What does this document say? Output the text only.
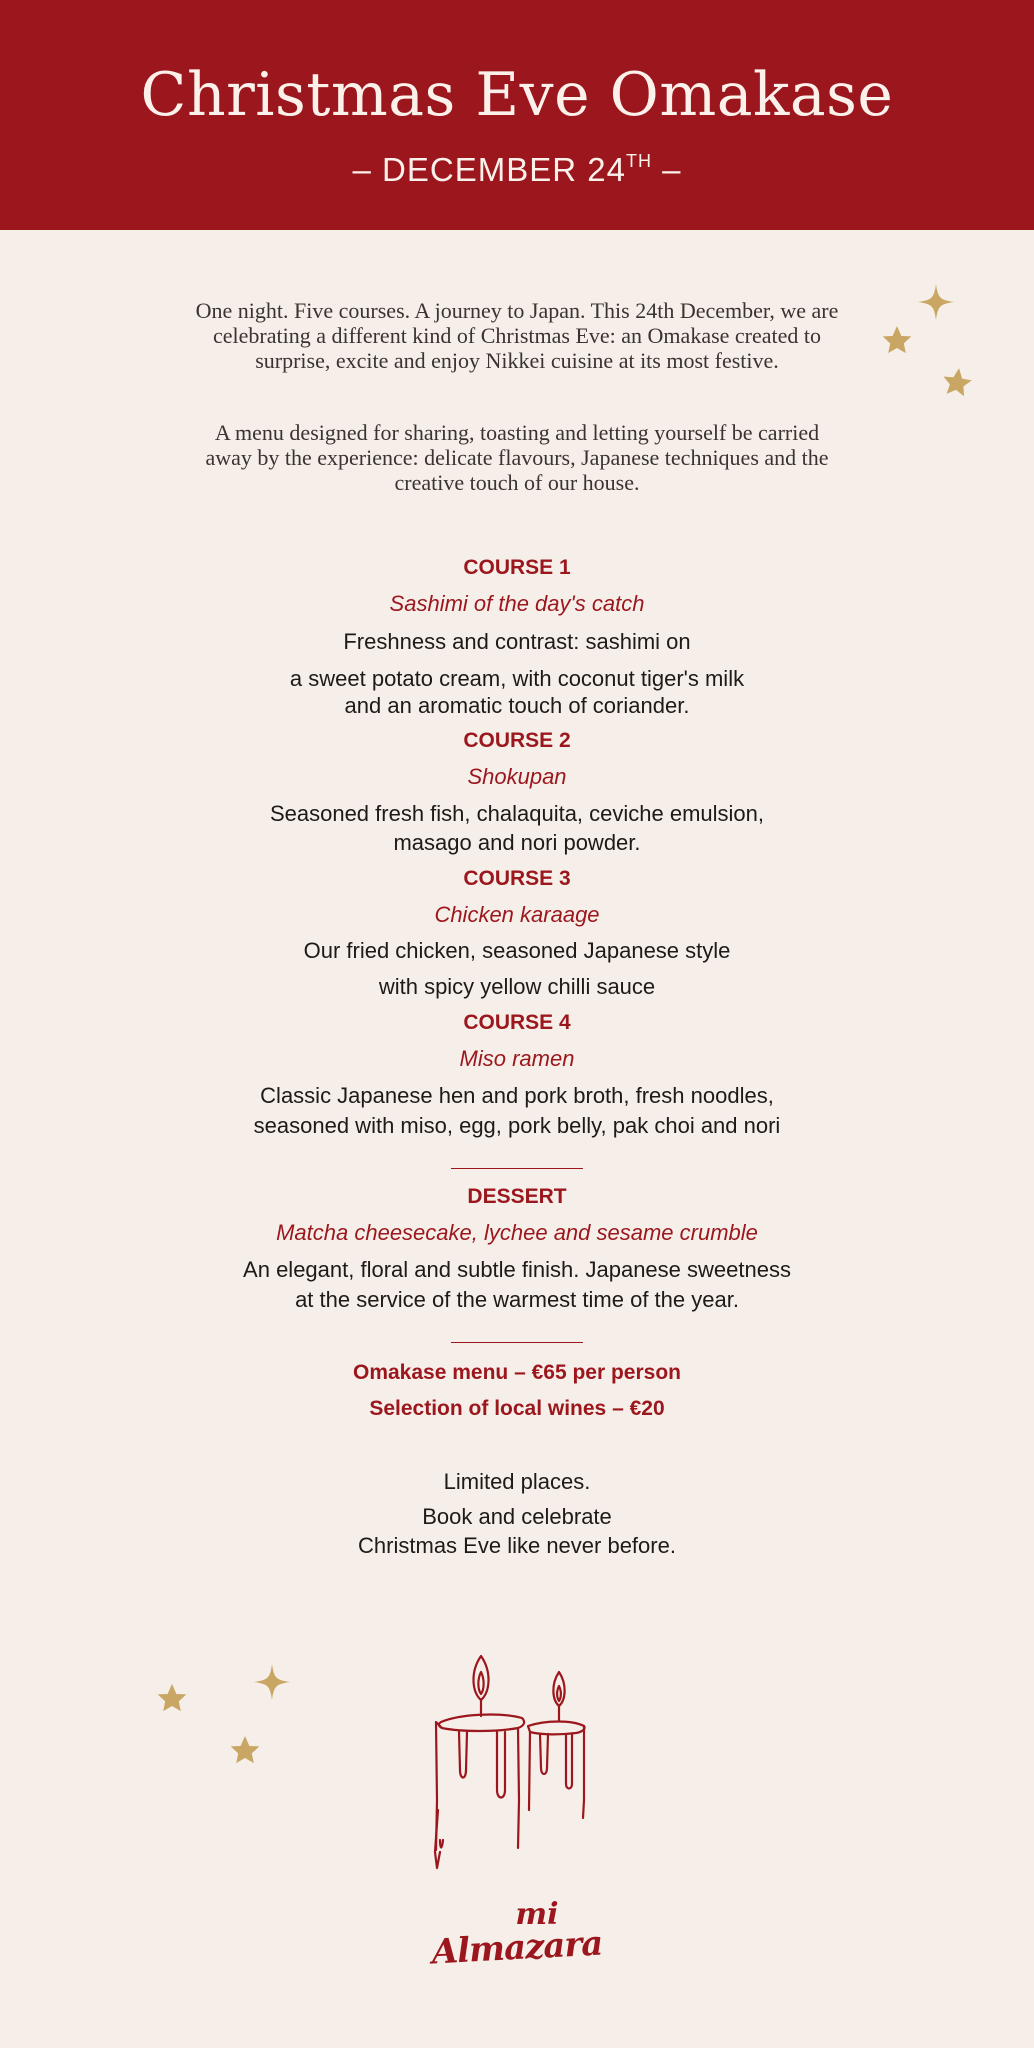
Christmas Eve Omakase
– DECEMBER 24TH –

One night. Five courses. A journey to Japan. This 24th December, we are celebrating a different kind of Christmas Eve: an Omakase created to surprise, excite and enjoy Nikkei cuisine at its most festive.

A menu designed for sharing, toasting and letting yourself be carried away by the experience: delicate flavours, Japanese techniques and the creative touch of our house.

COURSE 1
Sashimi of the day's catch
Freshness and contrast: sashimi on
a sweet potato cream, with coconut tiger's milk
and an aromatic touch of coriander.
COURSE 2
Shokupan
Seasoned fresh fish, chalaquita, ceviche emulsion,
masago and nori powder.
COURSE 3
Chicken karaage
Our fried chicken, seasoned Japanese style
with spicy yellow chilli sauce
COURSE 4
Miso ramen
Classic Japanese hen and pork broth, fresh noodles,
seasoned with miso, egg, pork belly, pak choi and nori
DESSERT
Matcha cheesecake, lychee and sesame crumble
An elegant, floral and subtle finish. Japanese sweetness
at the service of the warmest time of the year.
Omakase menu – €65 per person
Selection of local wines – €20
Limited places.
Book and celebrate
Christmas Eve like never before.
mi
Almazara
